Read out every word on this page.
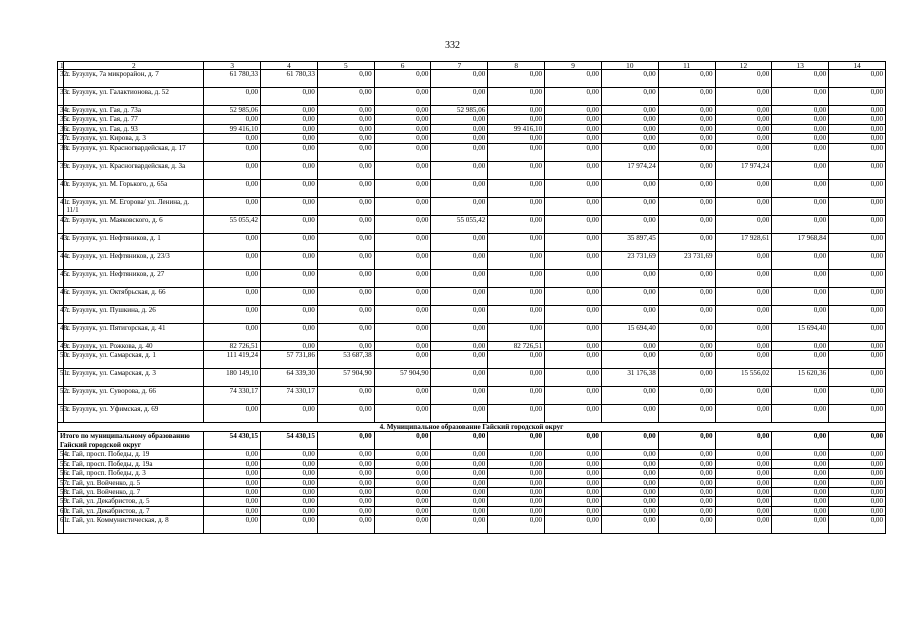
332
1	2	3	4	5	6	7	8	9	10	11	12	13	14
32.	г. Бузулук, 7а микрорайон, д. 7	61 780,33	61 780,33	0,00	0,00	0,00	0,00	0,00	0,00	0,00	0,00	0,00	0,00
33.	г. Бузулук, ул. Галактионова, д. 52	0,00	0,00	0,00	0,00	0,00	0,00	0,00	0,00	0,00	0,00	0,00	0,00
34.	г. Бузулук, ул. Гая, д. 73а	52 985,06	0,00	0,00	0,00	52 985,06	0,00	0,00	0,00	0,00	0,00	0,00	0,00
35.	г. Бузулук, ул. Гая, д. 77	0,00	0,00	0,00	0,00	0,00	0,00	0,00	0,00	0,00	0,00	0,00	0,00
36.	г. Бузулук, ул. Гая, д. 93	99 416,10	0,00	0,00	0,00	0,00	99 416,10	0,00	0,00	0,00	0,00	0,00	0,00
37.	г. Бузулук, ул. Кирова, д. 3	0,00	0,00	0,00	0,00	0,00	0,00	0,00	0,00	0,00	0,00	0,00	0,00
38.	г. Бузулук, ул. Красногвардейская, д. 17	0,00	0,00	0,00	0,00	0,00	0,00	0,00	0,00	0,00	0,00	0,00	0,00
39.	г. Бузулук, ул. Красногвардейская, д. 3а	0,00	0,00	0,00	0,00	0,00	0,00	0,00	17 974,24	0,00	17 974,24	0,00	0,00
40.	г. Бузулук, ул. М. Горького, д. 65а	0,00	0,00	0,00	0,00	0,00	0,00	0,00	0,00	0,00	0,00	0,00	0,00
41.	г. Бузулук, ул. М. Егорова/ ул. Ленина, д. 11/1	0,00	0,00	0,00	0,00	0,00	0,00	0,00	0,00	0,00	0,00	0,00	0,00
42.	г. Бузулук, ул. Маяковского, д. 6	55 055,42	0,00	0,00	0,00	55 055,42	0,00	0,00	0,00	0,00	0,00	0,00	0,00
43.	г. Бузулук, ул. Нефтяников, д. 1	0,00	0,00	0,00	0,00	0,00	0,00	0,00	35 897,45	0,00	17 928,61	17 968,84	0,00
44.	г. Бузулук, ул. Нефтяников, д. 23/3	0,00	0,00	0,00	0,00	0,00	0,00	0,00	23 731,69	23 731,69	0,00	0,00	0,00
45.	г. Бузулук, ул. Нефтяников, д. 27	0,00	0,00	0,00	0,00	0,00	0,00	0,00	0,00	0,00	0,00	0,00	0,00
46.	г. Бузулук, ул. Октябрьская, д. 66	0,00	0,00	0,00	0,00	0,00	0,00	0,00	0,00	0,00	0,00	0,00	0,00
47.	г. Бузулук, ул. Пушкина, д. 26	0,00	0,00	0,00	0,00	0,00	0,00	0,00	0,00	0,00	0,00	0,00	0,00
48.	г. Бузулук, ул. Пятигорская, д. 41	0,00	0,00	0,00	0,00	0,00	0,00	0,00	15 694,40	0,00	0,00	15 694,40	0,00
49.	г. Бузулук, ул. Рожкова, д. 40	82 726,51	0,00	0,00	0,00	0,00	82 726,51	0,00	0,00	0,00	0,00	0,00	0,00
50.	г. Бузулук, ул. Самарская, д. 1	111 419,24	57 731,86	53 687,38	0,00	0,00	0,00	0,00	0,00	0,00	0,00	0,00	0,00
51.	г. Бузулук, ул. Самарская, д. 3	180 149,10	64 339,30	57 904,90	57 904,90	0,00	0,00	0,00	31 176,38	0,00	15 556,02	15 620,36	0,00
52.	г. Бузулук, ул. Суворова, д. 66	74 330,17	74 330,17	0,00	0,00	0,00	0,00	0,00	0,00	0,00	0,00	0,00	0,00
53.	г. Бузулук, ул. Уфимская, д. 69	0,00	0,00	0,00	0,00	0,00	0,00	0,00	0,00	0,00	0,00	0,00	0,00
4. Муниципальное образование Гайский городской округ													
Итого по муниципальному образованию Гайский городской округ		54 430,15	54 430,15	0,00	0,00	0,00	0,00	0,00	0,00	0,00	0,00	0,00	0,00
54.	г. Гай, просп. Победы, д. 19	0,00	0,00	0,00	0,00	0,00	0,00	0,00	0,00	0,00	0,00	0,00	0,00
55.	г. Гай, просп. Победы, д. 19а	0,00	0,00	0,00	0,00	0,00	0,00	0,00	0,00	0,00	0,00	0,00	0,00
56.	г. Гай, просп. Победы, д. 3	0,00	0,00	0,00	0,00	0,00	0,00	0,00	0,00	0,00	0,00	0,00	0,00
57.	г. Гай, ул. Войченко, д. 5	0,00	0,00	0,00	0,00	0,00	0,00	0,00	0,00	0,00	0,00	0,00	0,00
58.	г. Гай, ул. Войченко, д. 7	0,00	0,00	0,00	0,00	0,00	0,00	0,00	0,00	0,00	0,00	0,00	0,00
59.	г. Гай, ул. Декабристов, д. 5	0,00	0,00	0,00	0,00	0,00	0,00	0,00	0,00	0,00	0,00	0,00	0,00
60.	г. Гай, ул. Декабристов, д. 7	0,00	0,00	0,00	0,00	0,00	0,00	0,00	0,00	0,00	0,00	0,00	0,00
61.	г. Гай, ул. Коммунистическая, д. 8	0,00	0,00	0,00	0,00	0,00	0,00	0,00	0,00	0,00	0,00	0,00	0,00
